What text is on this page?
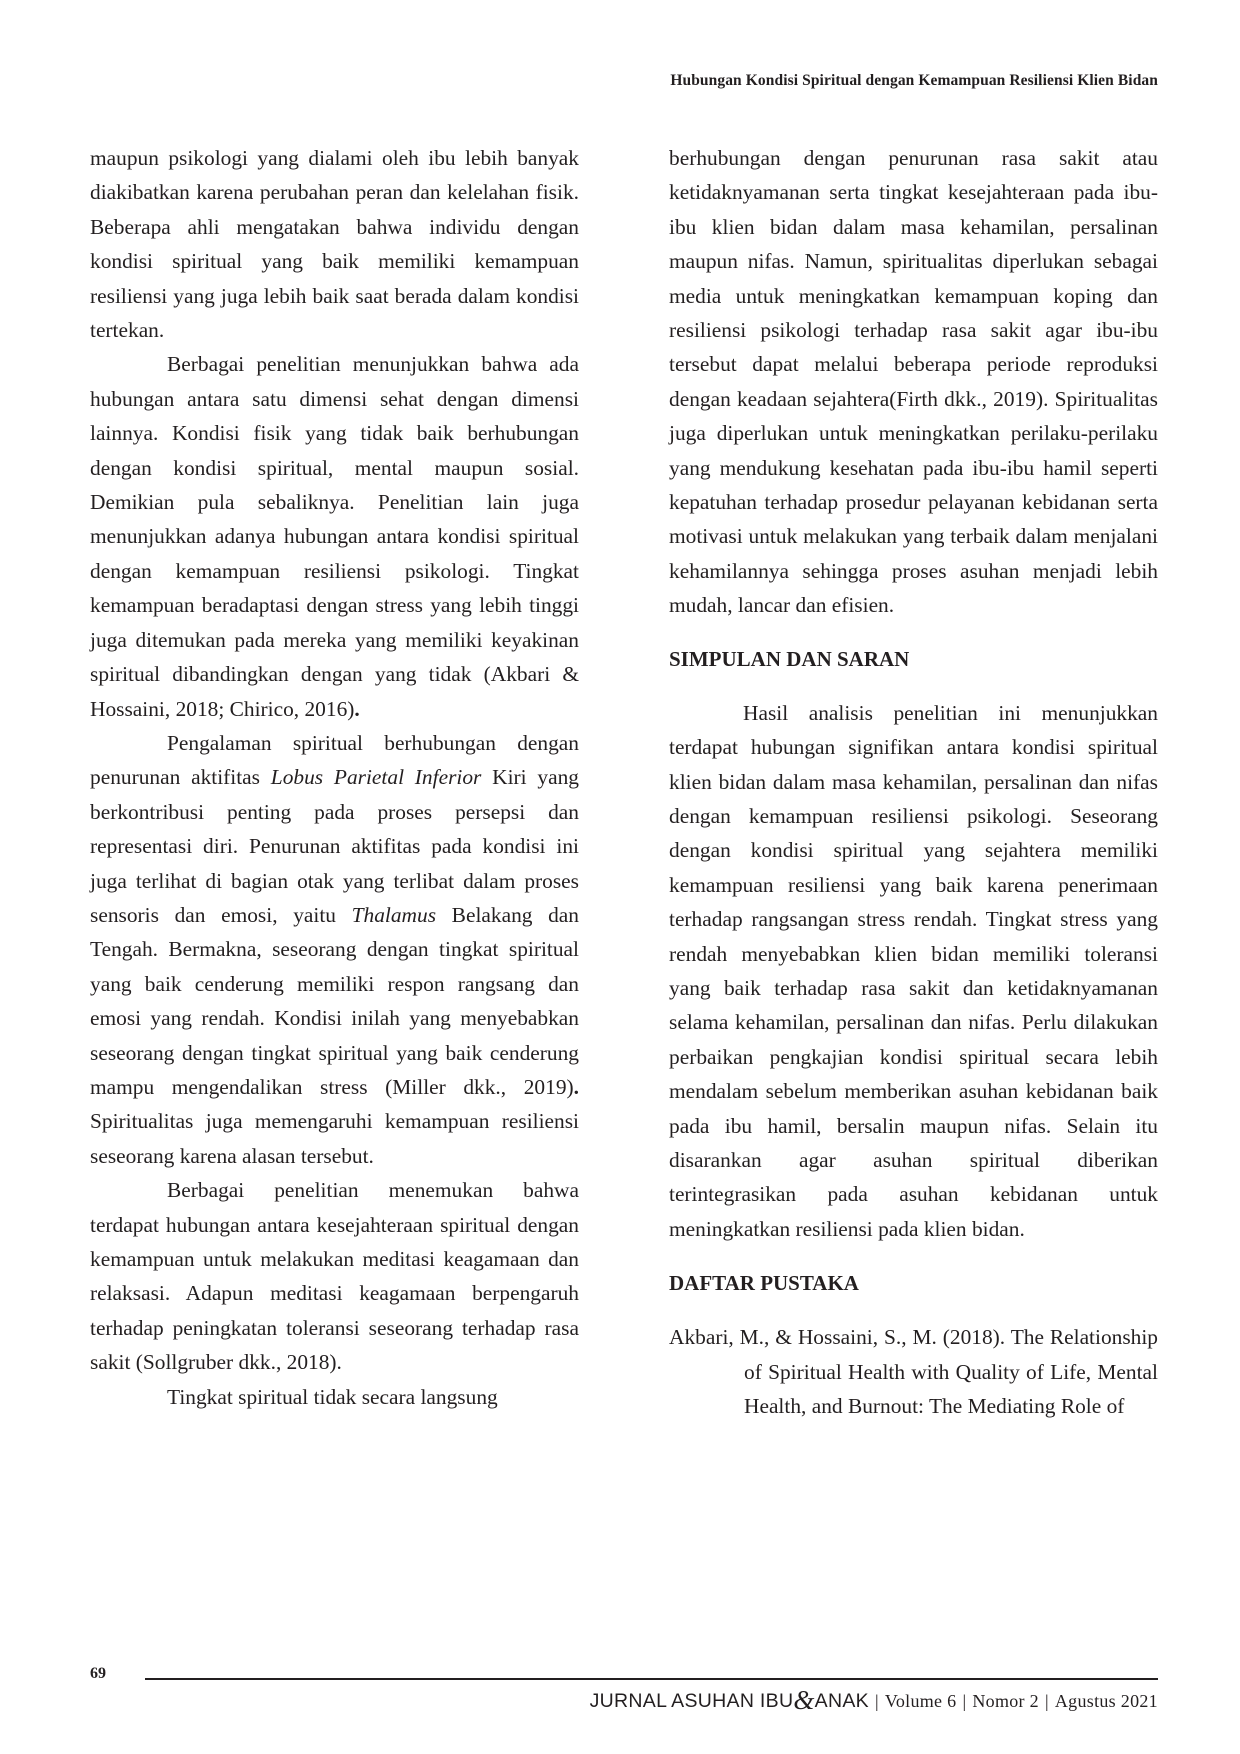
Hubungan Kondisi Spiritual dengan Kemampuan Resiliensi Klien Bidan

maupun psikologi yang dialami oleh ibu lebih banyak diakibatkan karena perubahan peran dan kelelahan fisik. Beberapa ahli mengatakan bahwa individu dengan kondisi spiritual yang baik memiliki kemampuan resiliensi yang juga lebih baik saat berada dalam kondisi tertekan.

Berbagai penelitian menunjukkan bahwa ada hubungan antara satu dimensi sehat dengan dimensi lainnya. Kondisi fisik yang tidak baik berhubungan dengan kondisi spiritual, mental maupun sosial. Demikian pula sebaliknya. Penelitian lain juga menunjukkan adanya hubungan antara kondisi spiritual dengan kemampuan resiliensi psikologi. Tingkat kemampuan beradaptasi dengan stress yang lebih tinggi juga ditemukan pada mereka yang memiliki keyakinan spiritual dibandingkan dengan yang tidak (Akbari & Hossaini, 2018; Chirico, 2016).

Pengalaman spiritual berhubungan dengan penurunan aktifitas Lobus Parietal Inferior Kiri yang berkontribusi penting pada proses persepsi dan representasi diri. Penurunan aktifitas pada kondisi ini juga terlihat di bagian otak yang terlibat dalam proses sensoris dan emosi, yaitu Thalamus Belakang dan Tengah. Bermakna, seseorang dengan tingkat spiritual yang baik cenderung memiliki respon rangsang dan emosi yang rendah. Kondisi inilah yang menyebabkan seseorang dengan tingkat spiritual yang baik cenderung mampu mengendalikan stress (Miller dkk., 2019). Spiritualitas juga memengaruhi kemampuan resiliensi seseorang karena alasan tersebut.

Berbagai penelitian menemukan bahwa terdapat hubungan antara kesejahteraan spiritual dengan kemampuan untuk melakukan meditasi keagamaan dan relaksasi. Adapun meditasi keagamaan berpengaruh terhadap peningkatan toleransi seseorang terhadap rasa sakit (Sollgruber dkk., 2018).

Tingkat spiritual tidak secara langsung

berhubungan dengan penurunan rasa sakit atau ketidaknyamanan serta tingkat kesejahteraan pada ibu-ibu klien bidan dalam masa kehamilan, persalinan maupun nifas. Namun, spiritualitas diperlukan sebagai media untuk meningkatkan kemampuan koping dan resiliensi psikologi terhadap rasa sakit agar ibu-ibu tersebut dapat melalui beberapa periode reproduksi dengan keadaan sejahtera(Firth dkk., 2019). Spiritualitas juga diperlukan untuk meningkatkan perilaku-perilaku yang mendukung kesehatan pada ibu-ibu hamil seperti kepatuhan terhadap prosedur pelayanan kebidanan serta motivasi untuk melakukan yang terbaik dalam menjalani kehamilannya sehingga proses asuhan menjadi lebih mudah, lancar dan efisien.

SIMPULAN DAN SARAN

Hasil analisis penelitian ini menunjukkan terdapat hubungan signifikan antara kondisi spiritual klien bidan dalam masa kehamilan, persalinan dan nifas dengan kemampuan resiliensi psikologi. Seseorang dengan kondisi spiritual yang sejahtera memiliki kemampuan resiliensi yang baik karena penerimaan terhadap rangsangan stress rendah. Tingkat stress yang rendah menyebabkan klien bidan memiliki toleransi yang baik terhadap rasa sakit dan ketidaknyamanan selama kehamilan, persalinan dan nifas. Perlu dilakukan perbaikan pengkajian kondisi spiritual secara lebih mendalam sebelum memberikan asuhan kebidanan baik pada ibu hamil, bersalin maupun nifas. Selain itu disarankan agar asuhan spiritual diberikan terintegrasikan pada asuhan kebidanan untuk meningkatkan resiliensi pada klien bidan.

DAFTAR PUSTAKA

Akbari, M., & Hossaini, S., M. (2018). The Relationship of Spiritual Health with Quality of Life, Mental Health, and Burnout: The Mediating Role of

69
JURNAL ASUHAN IBU&ANAK | Volume 6 | Nomor 2 | Agustus 2021
